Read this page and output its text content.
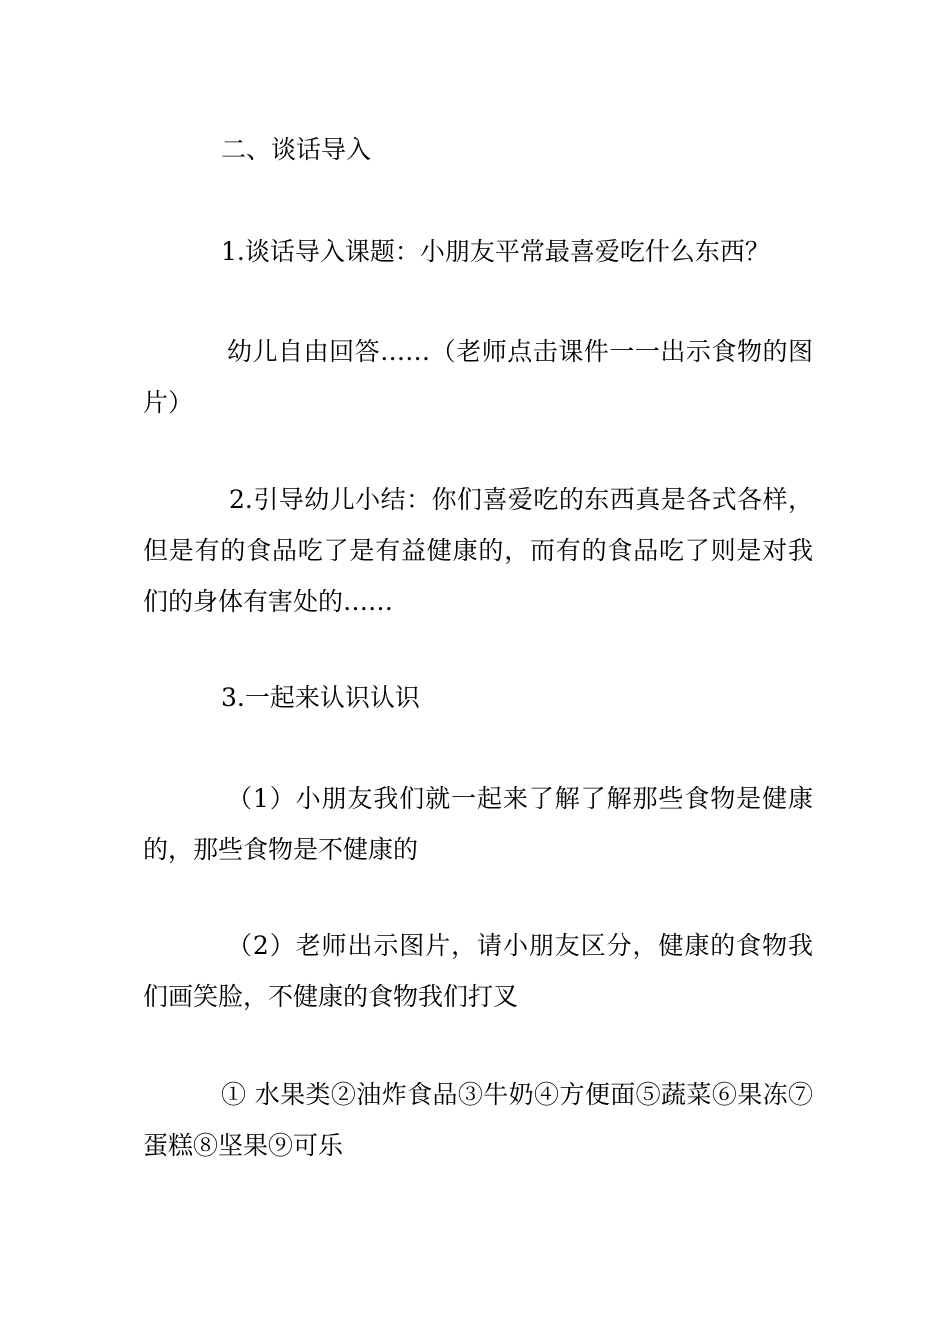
二、谈话导入

1.谈话导入课题：小朋友平常最喜爱吃什么东西？

幼儿自由回答……（老师点击课件一一出示食物的图片）

2.引导幼儿小结：你们喜爱吃的东西真是各式各样，但是有的食品吃了是有益健康的，而有的食品吃了则是对我们的身体有害处的……

3.一起来认识认识

（1）小朋友我们就一起来了解了解那些食物是健康的，那些食物是不健康的

（2）老师出示图片，请小朋友区分，健康的食物我们画笑脸，不健康的食物我们打叉

① 水果类②油炸食品③牛奶④方便面⑤蔬菜⑥果冻⑦蛋糕⑧坚果⑨可乐
